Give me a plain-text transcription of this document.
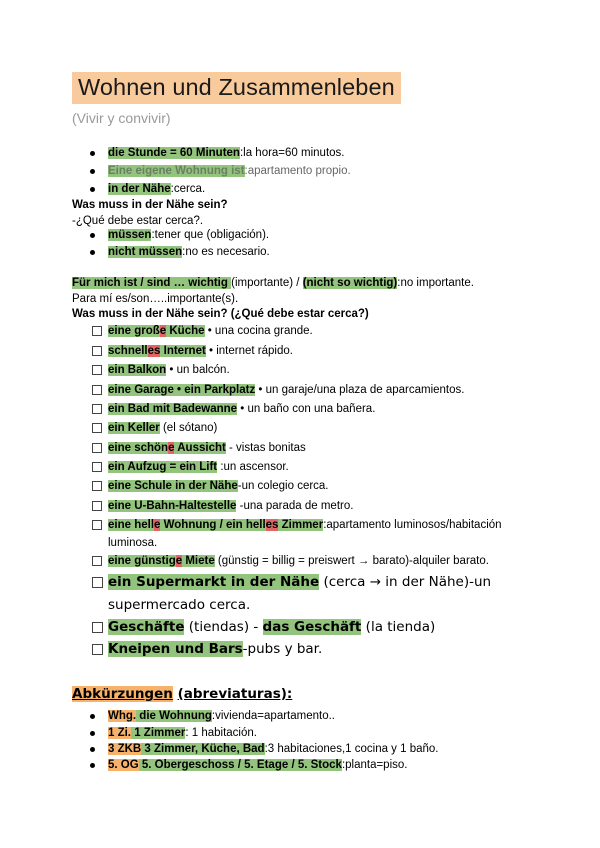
Wohnen und Zusammenleben
(Vivir y convivir)
die Stunde = 60 Minuten:la hora=60 minutos.
Eine eigene Wohnung ist:apartamento propio.
in der Nähe:cerca.
Was muss in der Nähe sein?
-¿Qué debe estar cerca?.
müssen:tener que (obligación).
nicht müssen:no es necesario.
Für mich ist / sind … wichtig (importante) / (nicht so wichtig):no importante.
Para mí es/son…..importante(s).
Was muss in der Nähe sein? (¿Qué debe estar cerca?)
eine große Küche • una cocina grande.
schnelles Internet • internet rápido.
ein Balkon • un balcón.
eine Garage • ein Parkplatz • un garaje/una plaza de aparcamientos.
ein Bad mit Badewanne • un baño con una bañera.
ein Keller (el sótano)
eine schöne Aussicht - vistas bonitas
ein Aufzug = ein Lift :un ascensor.
eine Schule in der Nähe-un colegio cerca.
eine U-Bahn-Haltestelle -una parada de metro.
eine helle Wohnung / ein helles Zimmer:apartamento luminosos/habitación
luminosa.
eine günstige Miete (günstig = billig = preiswert → barato)-alquiler barato.
ein Supermarkt in der Nähe (cerca → in der Nähe)-un
supermercado cerca.
Geschäfte (tiendas) - das Geschäft (la tienda)
Kneipen und Bars-pubs y bar.
Abkürzungen (abreviaturas):
Whg. die Wohnung:vivienda=apartamento..
1 Zi. 1 Zimmer: 1 habitación.
3 ZKB 3 Zimmer, Küche, Bad:3 habitaciones,1 cocina y 1 baño.
5. OG 5. Obergeschoss / 5. Etage / 5. Stock:planta=piso.
